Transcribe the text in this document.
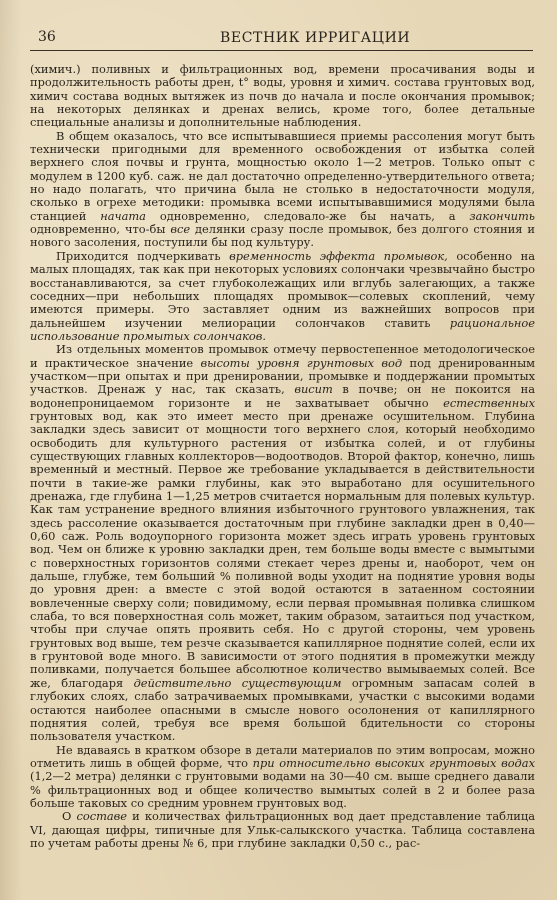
36	ВЕСТНИК ИРРИГАЦИИ

(химич.) поливных и фильтрационных вод, времени просачивания воды и продолжительность работы дрен, t° воды, уровня и химич. состава грунтовых вод, химич состава водных вытяжек из почв до начала и после окончания промывок; на некоторых делянках и дренах велись, кроме того, более детальные специальные анализы и дополнительные наблюдения.

В общем оказалось, что все испытывавшиеся приемы рассоления могут быть технически пригодными для временного освобождения от избытка солей верхнего слоя почвы и грунта, мощностью около 1—2 метров. Только опыт с модулем в 1200 куб. саж. не дал достаточно определенно-утвердительного ответа; но надо полагать, что причина была не столько в недостаточности модуля, сколько в огрехе методики: промывка всеми испытывавшимися модулями была станцией начата одновременно, следовало-же бы начать, а закончить одновременно, что-бы все делянки сразу после промывок, без долгого стояния и нового засоления, поступили бы под культуру.

Приходится подчеркивать временность эффекта промывок, особенно на малых площадях, так как при некоторых условиях солончаки чрезвычайно быстро восстанавливаются, за счет глубоколежащих или вглубь залегающих, а также соседних—при небольших площадях промывок—солевых скоплений, чему имеются примеры. Это заставляет одним из важнейших вопросов при дальнейшем изучении мелиорации солончаков ставить рациональное использование промытых солончаков.

Из отдельных моментов промывок отмечу первостепенное методологическое и практическое значение высоты уровня грунтовых вод под дренированным участком—при опытах и при дренировании, промывке и поддержании промытых участков. Дренаж у нас, так сказать, висит в почве; он не покоится на водонепроницаемом горизонте и не захватывает обычно естественных грунтовых вод, как это имеет место при дренаже осушительном. Глубина закладки здесь зависит от мощности того верхнего слоя, который необходимо освободить для культурного растения от избытка солей, и от глубины существующих главных коллекторов—водоотводов. Второй фактор, конечно, лишь временный и местный. Первое же требование укладывается в действительности почти в такие-же рамки глубины, как это выработано для осушительного дренажа, где глубина 1—1,25 метров считается нормальным для полевых культур. Как там устранение вредного влияния избыточного грунтового увлажнения, так здесь рассоление оказывается достаточным при глубине закладки дрен в 0,40—0,60 саж. Роль водоупорного горизонта может здесь играть уровень грунтовых вод. Чем он ближе к уровню закладки дрен, тем больше воды вместе с вымытыми с поверхностных горизонтов солями стекает через дрены и, наоборот, чем он дальше, глубже, тем больший % поливной воды уходит на поднятие уровня воды до уровня дрен: а вместе с этой водой остаются в затаенном состоянии вовлеченные сверху соли; повидимому, если первая промывная поливка слишком слаба, то вся поверхностная соль может, таким образом, затаиться под участком, чтобы при случае опять проявить себя. Но с другой стороны, чем уровень грунтовых вод выше, тем резче сказывается капиллярное поднятие солей, если их в грунтовой воде много. В зависимости от этого поднятия в промежутки между поливками, получается большее абсолютное количество вымываемых солей. Все же, благодаря действительно существующим огромным запасам солей в глубоких слоях, слабо затрачиваемых промывками, участки с высокими водами остаются наиболее опасными в смысле нового осолонения от капиллярного поднятия солей, требуя все время большой бдительности со стороны пользователя участком.

Не вдаваясь в кратком обзоре в детали материалов по этим вопросам, можно отметить лишь в общей форме, что при относительно высоких грунтовых водах (1,2—2 метра) делянки с грунтовыми водами на 30—40 см. выше среднего давали % фильтрационных вод и общее количество вымытых солей в 2 и более раза больше таковых со средним уровнем грунтовых вод.

О составе и количествах фильтрационных вод дает представление таблица VI, дающая цифры, типичные для Ульк-салыкского участка. Таблица составлена по учетам работы дрены № 6, при глубине закладки 0,50 с., рас-
